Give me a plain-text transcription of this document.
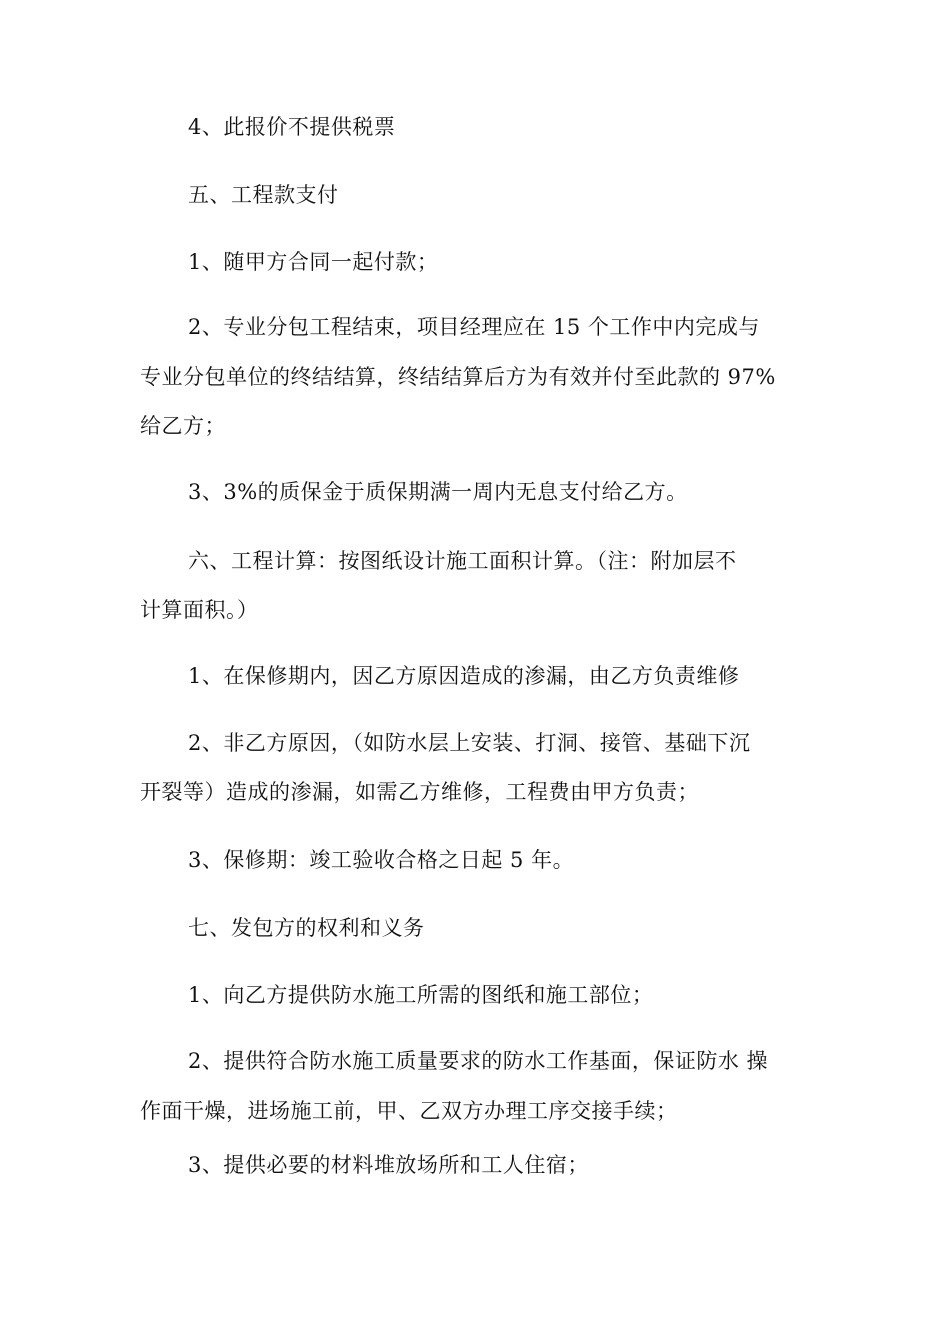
4、此报价不提供税票
五、工程款支付
1、随甲方合同一起付款；
2、专业分包工程结束，项目经理应在 15 个工作中内完成与
专业分包单位的终结结算，终结结算后方为有效并付至此款的 97%
给乙方；
3、3%的质保金于质保期满一周内无息支付给乙方。
六、工程计算：按图纸设计施工面积计算。（注：附加层不
计算面积。）
1、在保修期内，因乙方原因造成的渗漏，由乙方负责维修
2、非乙方原因，（如防水层上安装、打洞、接管、基础下沉
开裂等）造成的渗漏，如需乙方维修，工程费由甲方负责；
3、保修期：竣工验收合格之日起 5 年。
七、发包方的权利和义务
1、向乙方提供防水施工所需的图纸和施工部位；
2、提供符合防水施工质量要求的防水工作基面，保证防水 操
作面干燥，进场施工前，甲、乙双方办理工序交接手续；
3、提供必要的材料堆放场所和工人住宿；
